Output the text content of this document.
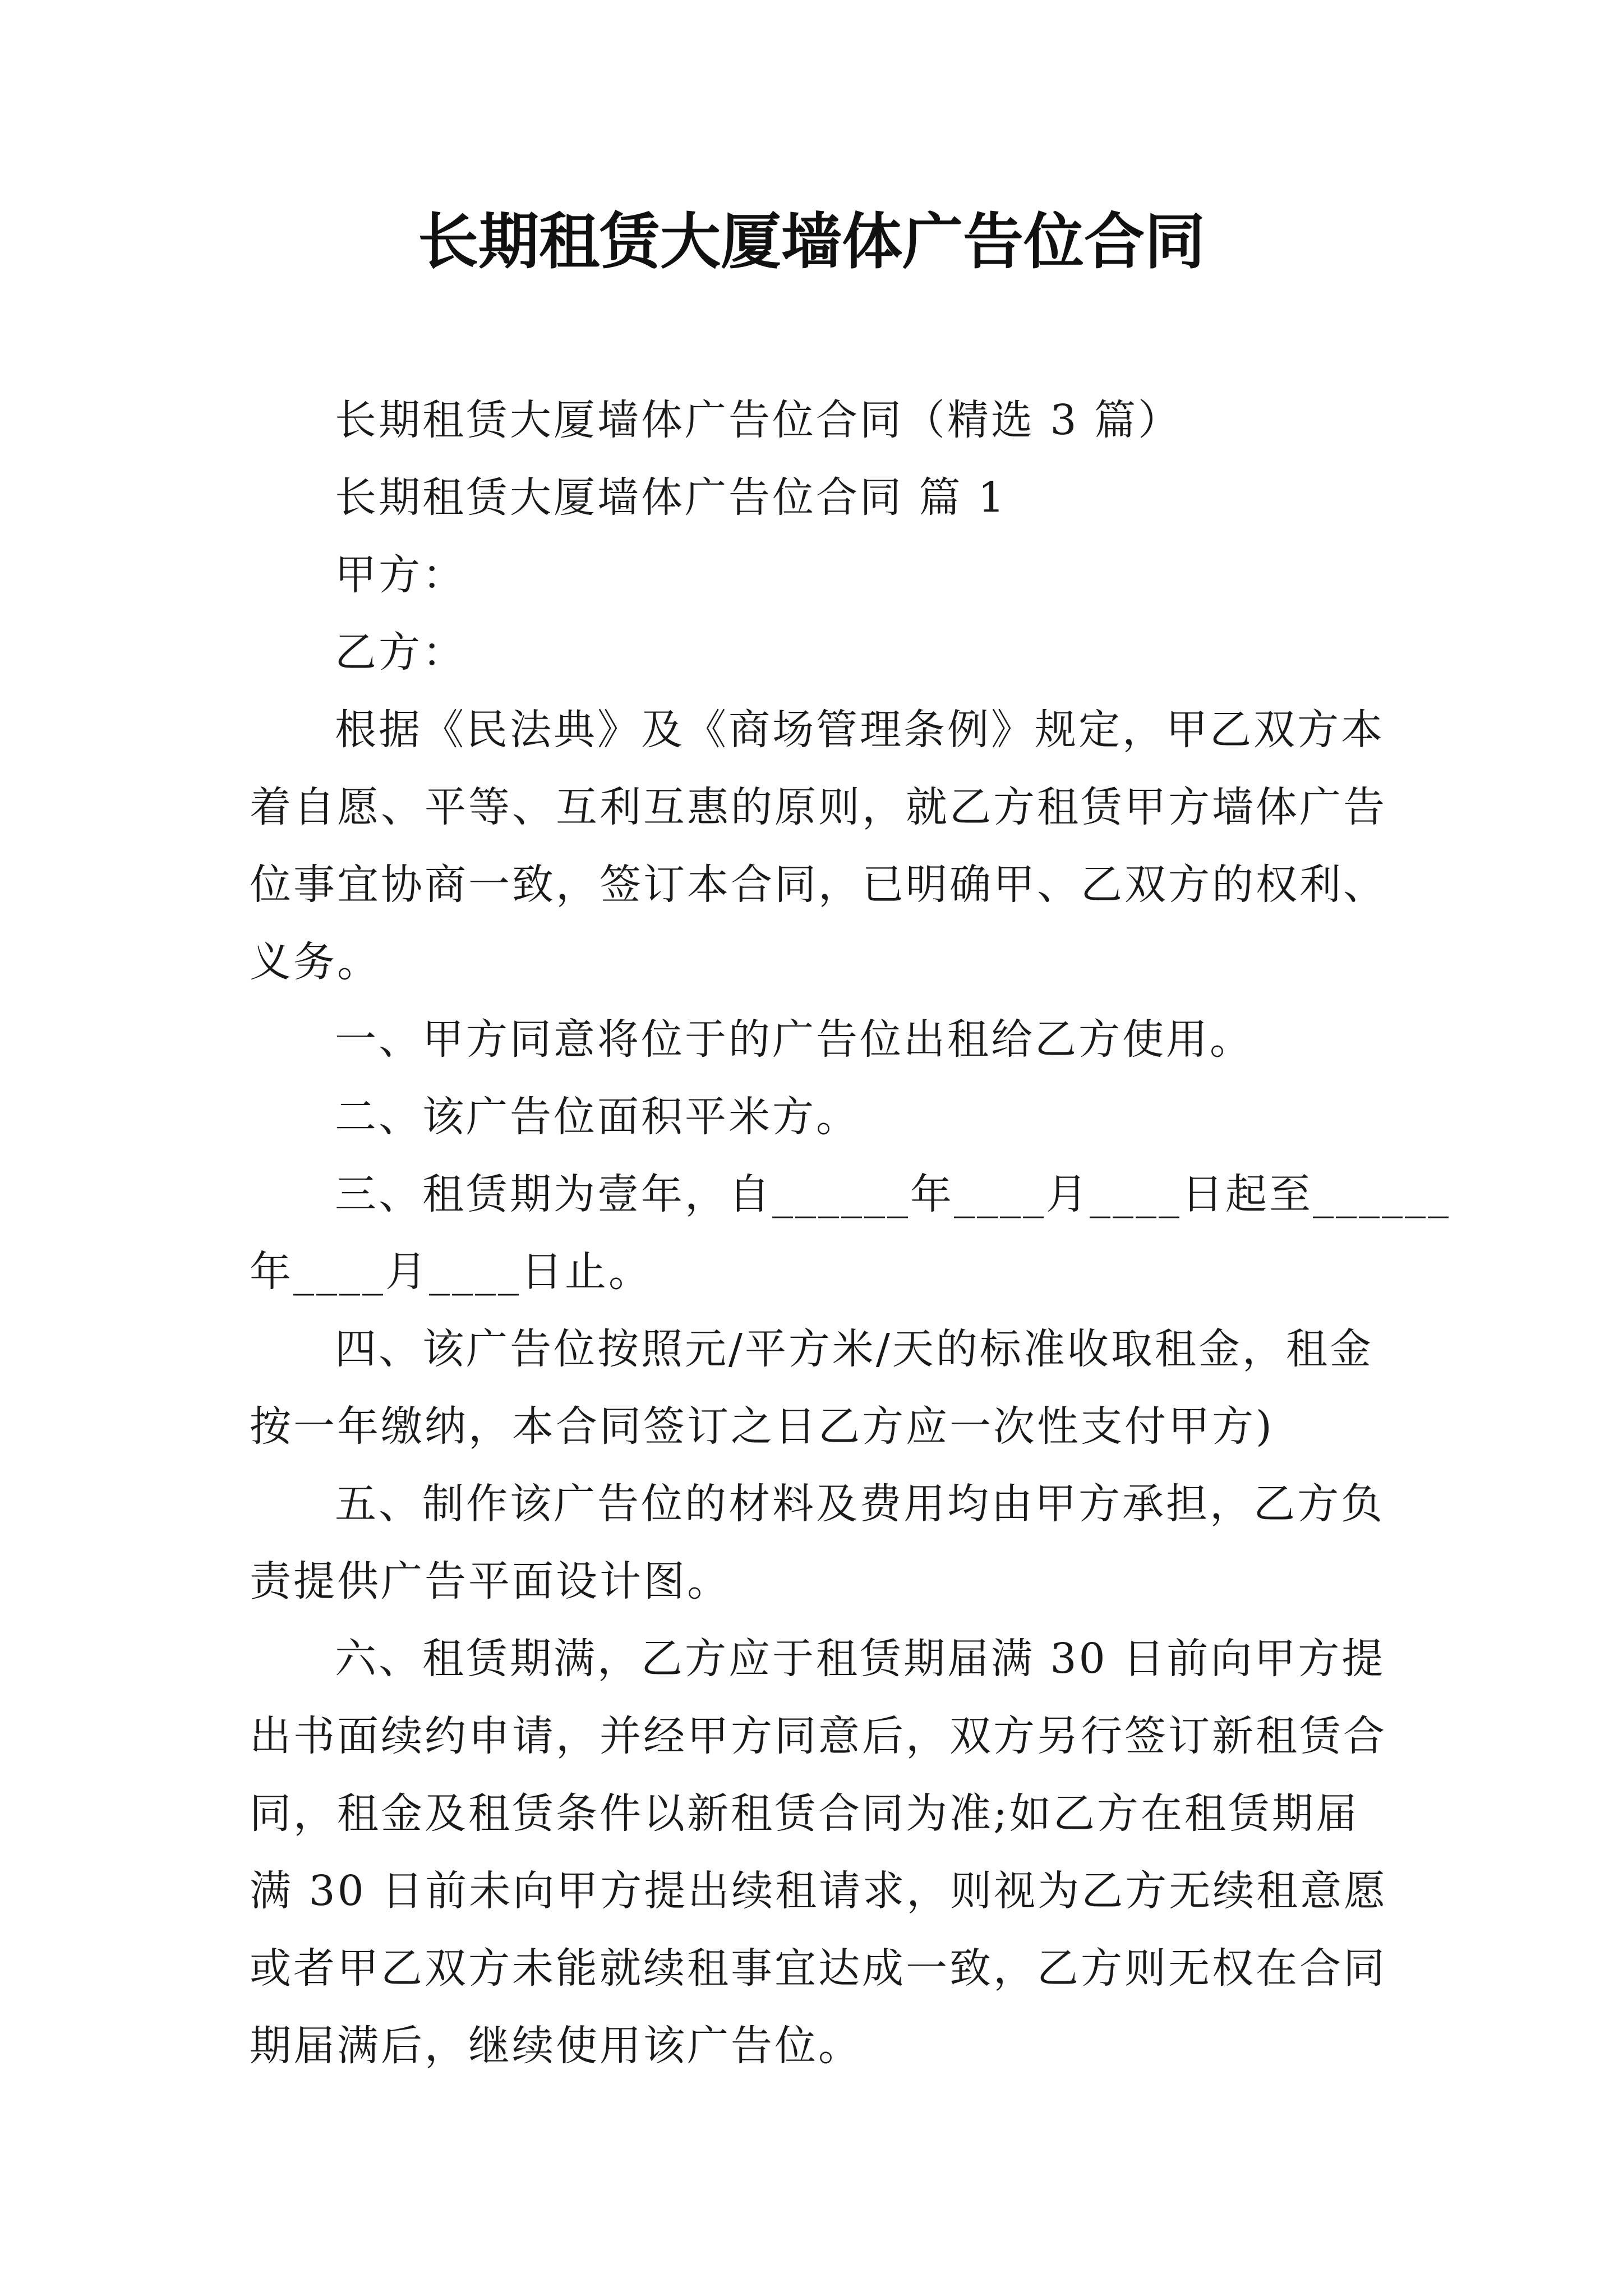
长期租赁大厦墙体广告位合同
长期租赁大厦墙体广告位合同（精选 3 篇）
长期租赁大厦墙体广告位合同 篇 1
甲方：
乙方：
根据《民法典》及《商场管理条例》规定，甲乙双方本
着自愿、平等、互利互惠的原则，就乙方租赁甲方墙体广告
位事宜协商一致，签订本合同，已明确甲、乙双方的权利、
义务。
一、甲方同意将位于的广告位出租给乙方使用。
二、该广告位面积平米方。
三、租赁期为壹年，自______年____月____日起至______
年____月____日止。
四、该广告位按照元/平方米/天的标准收取租金，租金
按一年缴纳，本合同签订之日乙方应一次性支付甲方)
五、制作该广告位的材料及费用均由甲方承担，乙方负
责提供广告平面设计图。
六、租赁期满，乙方应于租赁期届满 30 日前向甲方提
出书面续约申请，并经甲方同意后，双方另行签订新租赁合
同，租金及租赁条件以新租赁合同为准;如乙方在租赁期届
满 30 日前未向甲方提出续租请求，则视为乙方无续租意愿
或者甲乙双方未能就续租事宜达成一致，乙方则无权在合同
期届满后，继续使用该广告位。
